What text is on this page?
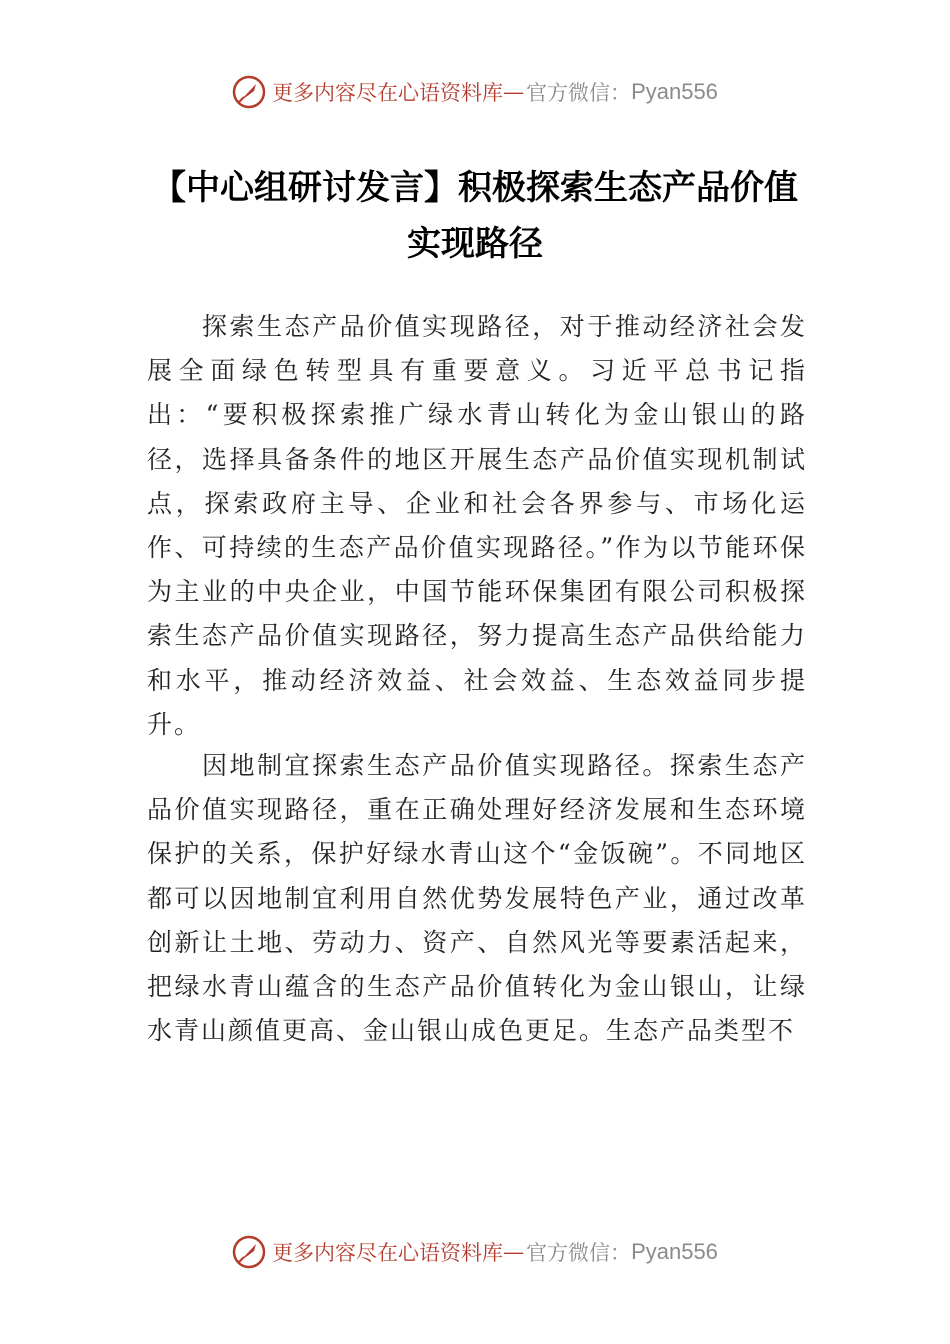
更多内容尽在心语资料库 — 官方微信： Pyan556
【中心组研讨发言】积极探索生态产品价值
实现路径

探索生态产品价值实现路径，对于推动经济社会发展全面绿色转型具有重要意义。习近平总书记指出：“要积极探索推广绿水青山转化为金山银山的路径，选择具备条件的地区开展生态产品价值实现机制试点，探索政府主导、企业和社会各界参与、市场化运作、可持续的生态产品价值实现路径。”作为以节能环保为主业的中央企业，中国节能环保集团有限公司积极探索生态产品价值实现路径，努力提高生态产品供给能力和水平，推动经济效益、社会效益、生态效益同步提升。

因地制宜探索生态产品价值实现路径。探索生态产品价值实现路径，重在正确处理好经济发展和生态环境保护的关系，保护好绿水青山这个“金饭碗”。不同地区都可以因地制宜利用自然优势发展特色产业，通过改革创新让土地、劳动力、资产、自然风光等要素活起来，把绿水青山蕴含的生态产品价值转化为金山银山，让绿水青山颜值更高、金山银山成色更足。生态产品类型不

更多内容尽在心语资料库 — 官方微信： Pyan556
